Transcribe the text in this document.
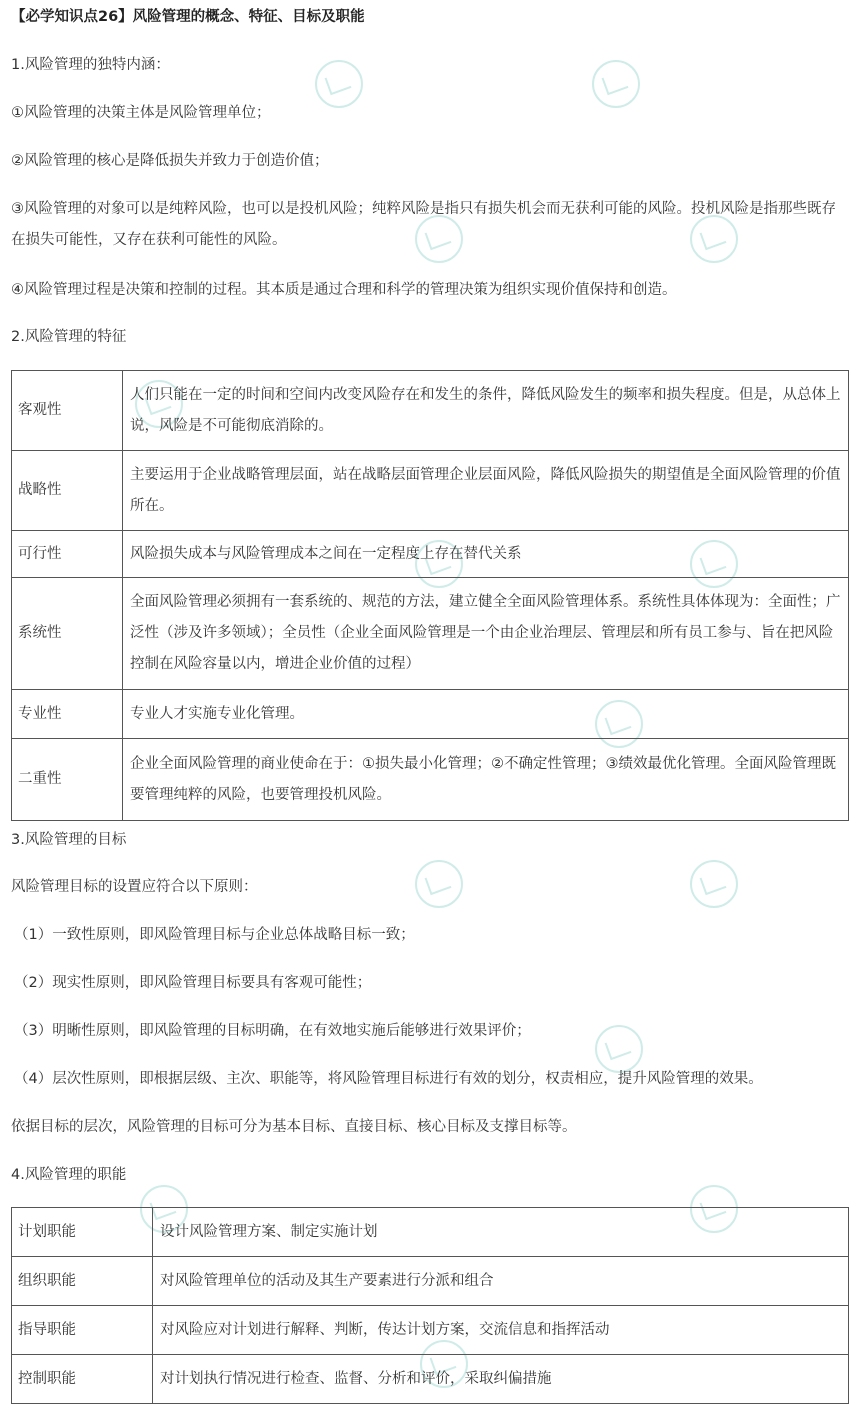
【必学知识点26】风险管理的概念、特征、目标及职能
1.风险管理的独特内涵：
①风险管理的决策主体是风险管理单位；
②风险管理的核心是降低损失并致力于创造价值；
③风险管理的对象可以是纯粹风险，也可以是投机风险；纯粹风险是指只有损失机会而无获利可能的风险。投机风险是指那些既存在损失可能性，又存在获利可能性的风险。
④风险管理过程是决策和控制的过程。其本质是通过合理和科学的管理决策为组织实现价值保持和创造。
2.风险管理的特征
客观性	人们只能在一定的时间和空间内改变风险存在和发生的条件，降低风险发生的频率和损失程度。但是，从总体上说，风险是不可能彻底消除的。
战略性	主要运用于企业战略管理层面，站在战略层面管理企业层面风险，降低风险损失的期望值是全面风险管理的价值所在。
可行性	风险损失成本与风险管理成本之间在一定程度上存在替代关系
系统性	全面风险管理必须拥有一套系统的、规范的方法，建立健全全面风险管理体系。系统性具体体现为：全面性；广泛性（涉及许多领域）；全员性（企业全面风险管理是一个由企业治理层、管理层和所有员工参与、旨在把风险控制在风险容量以内，增进企业价值的过程）
专业性	专业人才实施专业化管理。
二重性	企业全面风险管理的商业使命在于：①损失最小化管理；②不确定性管理；③绩效最优化管理。全面风险管理既要管理纯粹的风险，也要管理投机风险。
3.风险管理的目标
风险管理目标的设置应符合以下原则：
（1）一致性原则，即风险管理目标与企业总体战略目标一致；
（2）现实性原则，即风险管理目标要具有客观可能性；
（3）明晰性原则，即风险管理的目标明确，在有效地实施后能够进行效果评价；
（4）层次性原则，即根据层级、主次、职能等，将风险管理目标进行有效的划分，权责相应，提升风险管理的效果。
依据目标的层次，风险管理的目标可分为基本目标、直接目标、核心目标及支撑目标等。
4.风险管理的职能
计划职能	设计风险管理方案、制定实施计划
组织职能	对风险管理单位的活动及其生产要素进行分派和组合
指导职能	对风险应对计划进行解释、判断，传达计划方案，交流信息和指挥活动
控制职能	对计划执行情况进行检查、监督、分析和评价，采取纠偏措施
